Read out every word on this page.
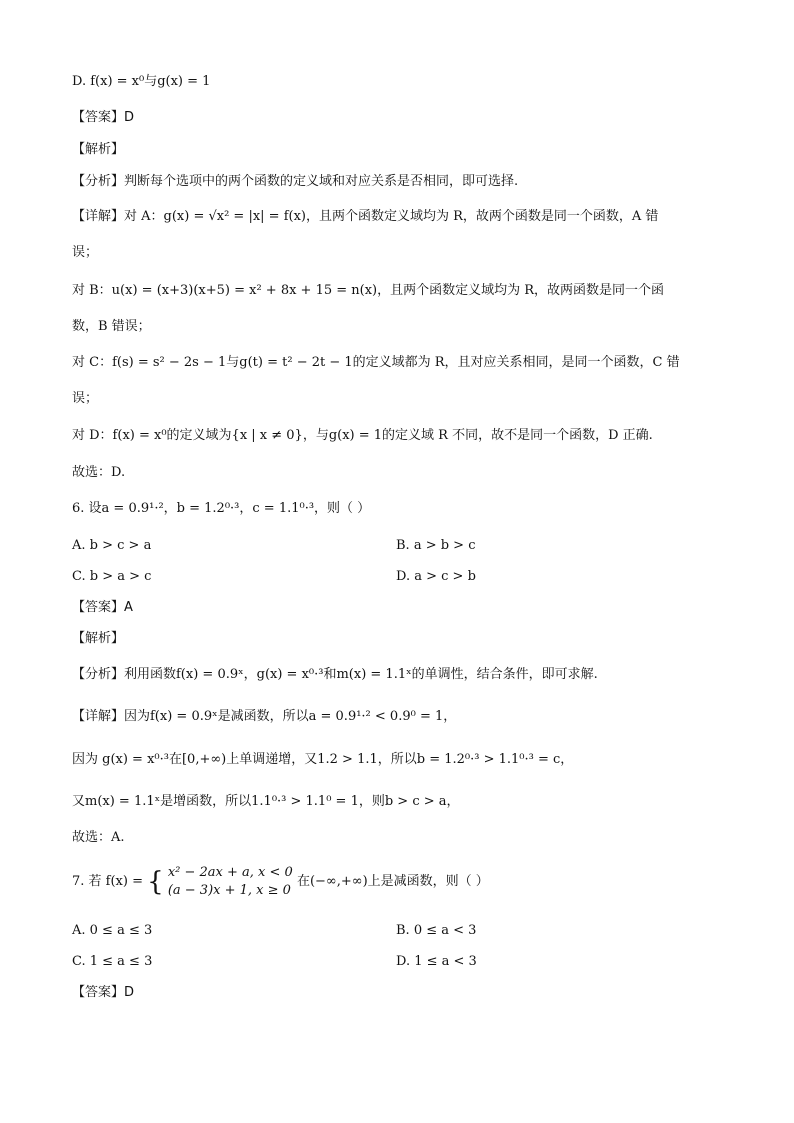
D. f(x) = x⁰与g(x) = 1
【答案】D
【解析】
【分析】判断每个选项中的两个函数的定义域和对应关系是否相同，即可选择.
【详解】对 A：g(x) = √x² = |x| = f(x)，且两个函数定义域均为 R，故两个函数是同一个函数，A 错
误；
对 B：u(x) = (x+3)(x+5) = x² + 8x + 15 = n(x)，且两个函数定义域均为 R，故两函数是同一个函
数，B 错误；
对 C：f(s) = s² − 2s − 1与g(t) = t² − 2t − 1的定义域都为 R，且对应关系相同，是同一个函数，C 错
误；
对 D：f(x) = x⁰的定义域为{x | x ≠ 0}，与g(x) = 1的定义域 R 不同，故不是同一个函数，D 正确.
故选：D.
6. 设a = 0.9¹·²，b = 1.2⁰·³，c = 1.1⁰·³，则（ ）
A. b > c > a	B. a > b > c
C. b > a > c	D. a > c > b
【答案】A
【解析】
【分析】利用函数f(x) = 0.9ˣ，g(x) = x⁰·³和m(x) = 1.1ˣ的单调性，结合条件，即可求解.
【详解】因为f(x) = 0.9ˣ是减函数，所以a = 0.9¹·² < 0.9⁰ = 1，
因为 g(x) = x⁰·³在[0,+∞)上单调递增，又1.2 > 1.1，所以b = 1.2⁰·³ > 1.1⁰·³ = c，
又m(x) = 1.1ˣ是增函数，所以1.1⁰·³ > 1.1⁰ = 1，则b > c > a，
故选：A.
7. 若 f(x) = { x² − 2ax + a, x < 0
(a − 3)x + 1, x ≥ 0
在(−∞,+∞)上是减函数，则（ ）
A. 0 ≤ a ≤ 3	B. 0 ≤ a < 3
C. 1 ≤ a ≤ 3	D. 1 ≤ a < 3
【答案】D
